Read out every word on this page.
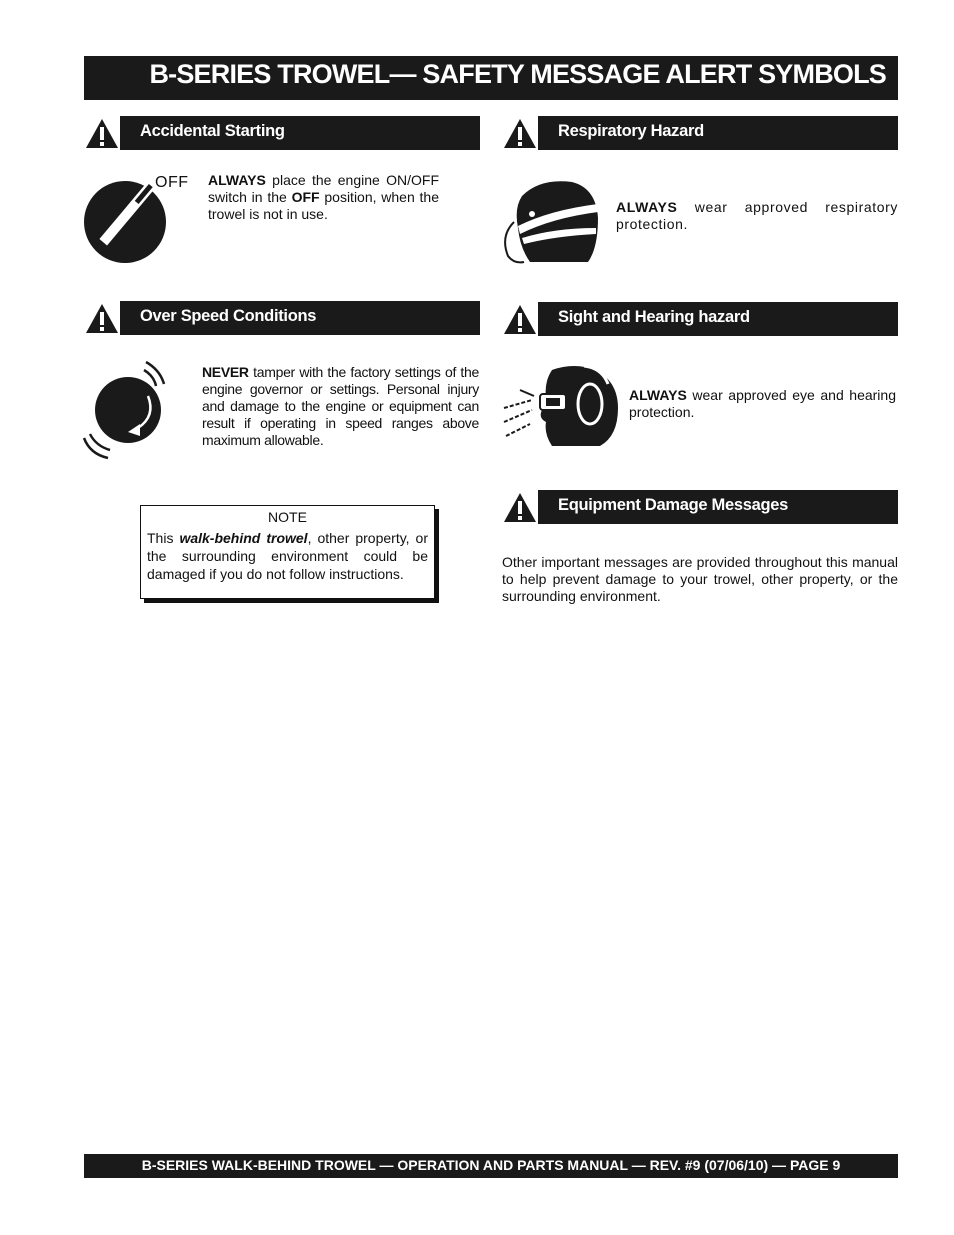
B-SERIES TROWEL— SAFETY MESSAGE ALERT SYMBOLS
Accidental Starting	Respiratory Hazard
Over Speed Conditions	Sight and Hearing hazard
Equipment Damage Messages
OFF ALWAYS place the engine ON/OFF switch in the OFF position, when the trowel is not in use.	ALWAYS wear approved respiratory protection.
NEVER tamper with the factory settings of the engine governor or settings. Personal injury and damage to the engine or equipment can result if operating in speed ranges above maximum allowable.
ALWAYS wear approved eye and hearing protection.
Other important messages are provided throughout this manual to help prevent damage to your trowel, other property, or the surrounding environment.
NOTE
This walk-behind trowel, other property, or the surrounding environment could be damaged if you do not follow instructions.
B-SERIES WALK-BEHIND TROWEL — OPERATION AND PARTS MANUAL — REV. #9 (07/06/10) — PAGE 9
